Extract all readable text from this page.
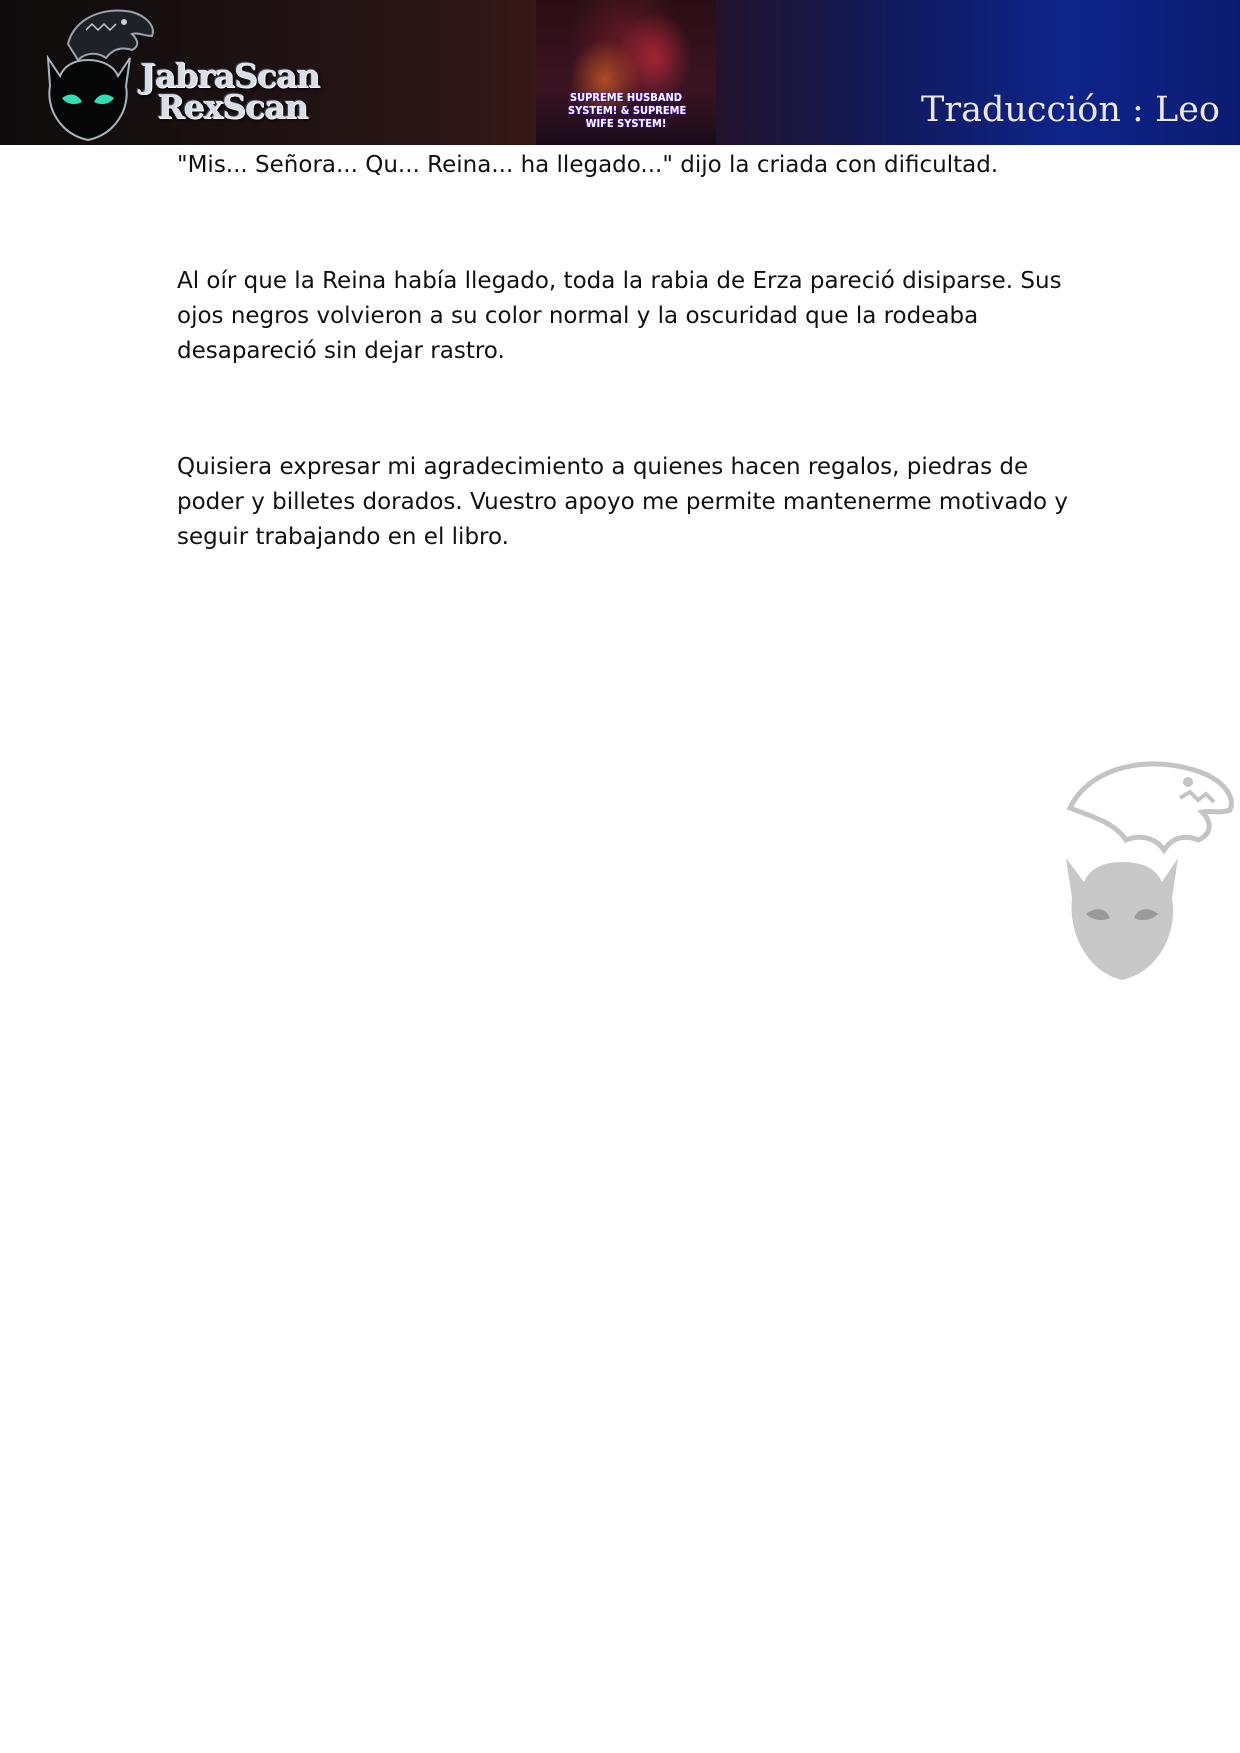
JabraScan
RexScan	SUPREME HUSBAND
SYSTEM! & SUPREME
WIFE SYSTEM!	Traducción : Leo

"Mis... Señora... Qu... Reina... ha llegado..." dijo la criada con dificultad.

Al oír que la Reina había llegado, toda la rabia de Erza pareció disiparse. Sus ojos negros volvieron a su color normal y la oscuridad que la rodeaba desapareció sin dejar rastro.

Quisiera expresar mi agradecimiento a quienes hacen regalos, piedras de poder y billetes dorados. Vuestro apoyo me permite mantenerme motivado y seguir trabajando en el libro.
